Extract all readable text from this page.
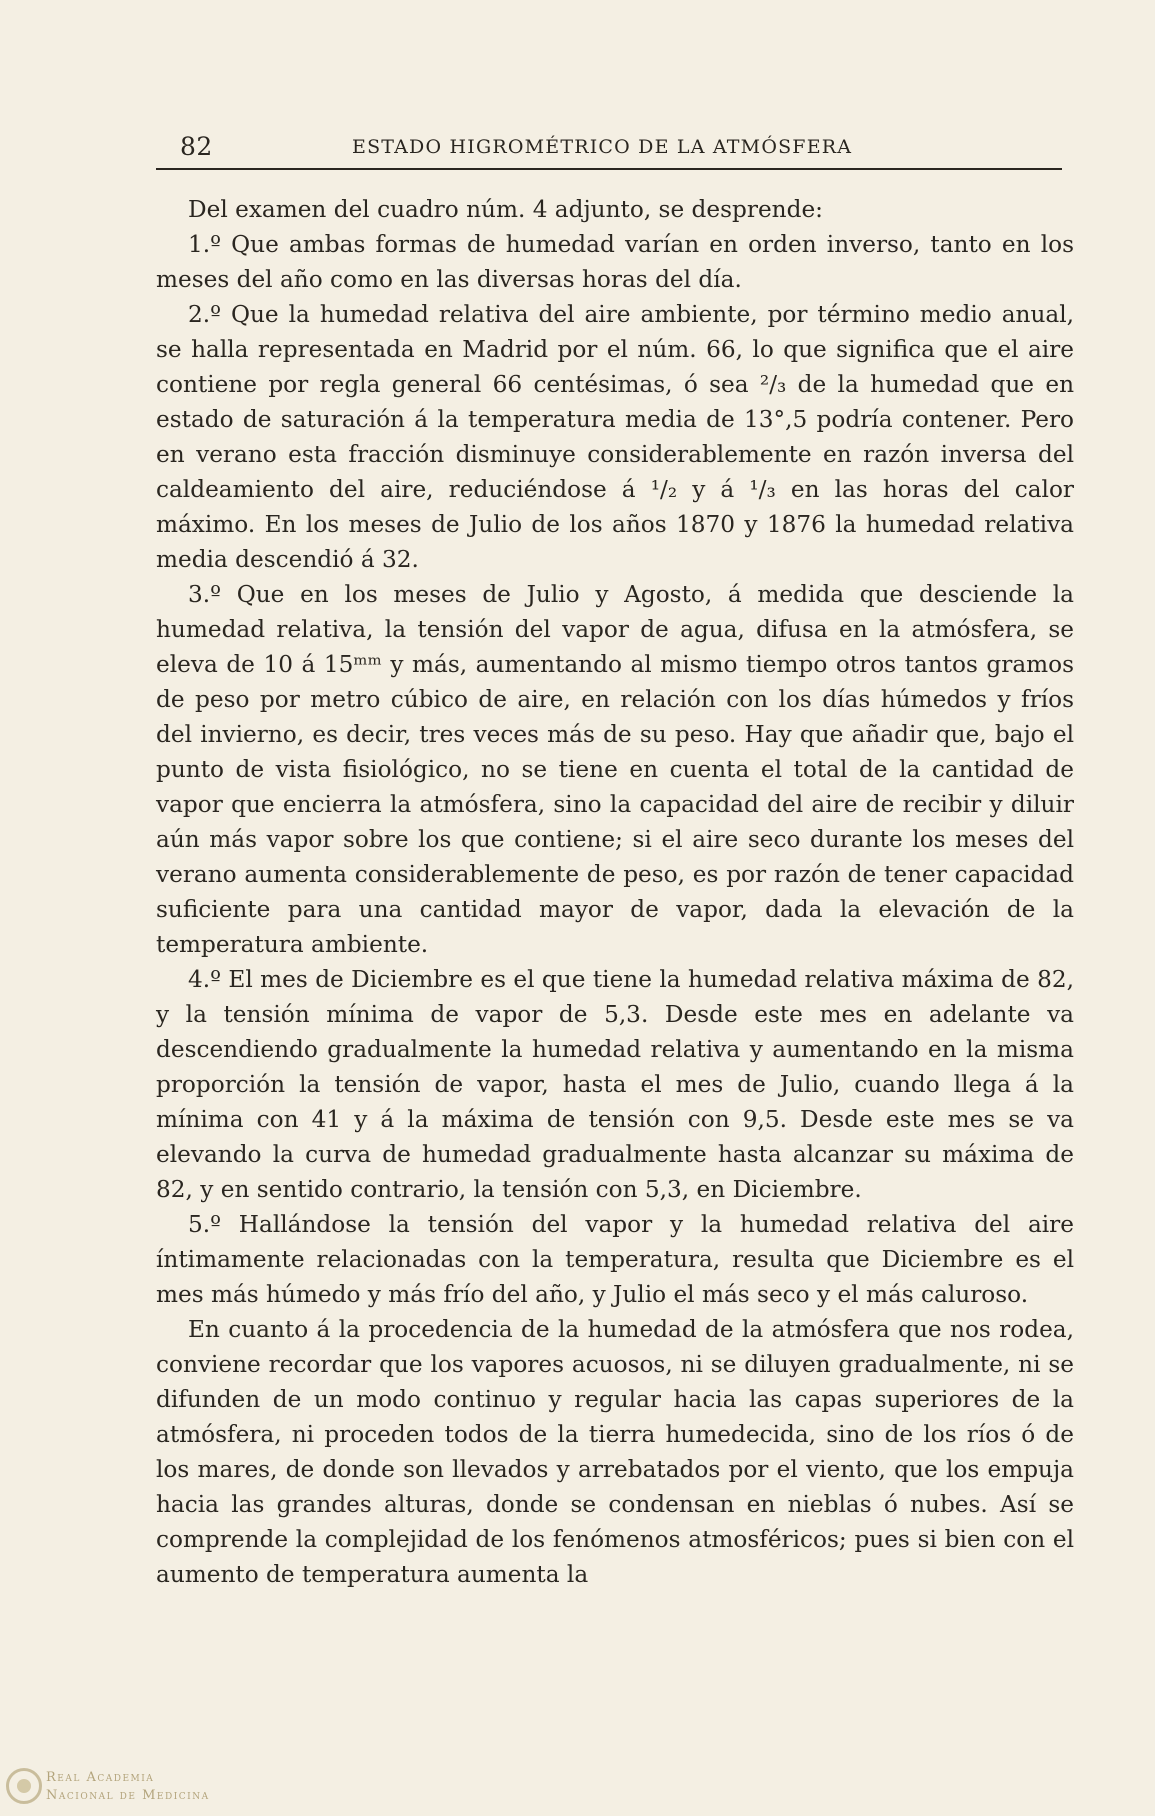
82	ESTADO HIGROMÉTRICO DE LA ATMÓSFERA

Del examen del cuadro núm. 4 adjunto, se desprende:

1.º Que ambas formas de humedad varían en orden inverso, tanto en los meses del año como en las diversas horas del día.

2.º Que la humedad relativa del aire ambiente, por término medio anual, se halla representada en Madrid por el núm. 66, lo que significa que el aire contiene por regla general 66 centésimas, ó sea ²/₃ de la humedad que en estado de saturación á la temperatura media de 13°,5 podría contener. Pero en verano esta fracción disminuye considerablemente en razón inversa del caldeamiento del aire, reduciéndose á ¹/₂ y á ¹/₃ en las horas del calor máximo. En los meses de Julio de los años 1870 y 1876 la humedad relativa media descendió á 32.

3.º Que en los meses de Julio y Agosto, á medida que desciende la humedad relativa, la tensión del vapor de agua, difusa en la atmósfera, se eleva de 10 á 15ᵐᵐ y más, aumentando al mismo tiempo otros tantos gramos de peso por metro cúbico de aire, en relación con los días húmedos y fríos del invierno, es decir, tres veces más de su peso. Hay que añadir que, bajo el punto de vista fisiológico, no se tiene en cuenta el total de la cantidad de vapor que encierra la atmósfera, sino la capacidad del aire de recibir y diluir aún más vapor sobre los que contiene; si el aire seco durante los meses del verano aumenta considerablemente de peso, es por razón de tener capacidad suficiente para una cantidad mayor de vapor, dada la elevación de la temperatura ambiente.

4.º El mes de Diciembre es el que tiene la humedad relativa máxima de 82, y la tensión mínima de vapor de 5,3. Desde este mes en adelante va descendiendo gradualmente la humedad relativa y aumentando en la misma proporción la tensión de vapor, hasta el mes de Julio, cuando llega á la mínima con 41 y á la máxima de tensión con 9,5. Desde este mes se va elevando la curva de humedad gradualmente hasta alcanzar su máxima de 82, y en sentido contrario, la tensión con 5,3, en Diciembre.

5.º Hallándose la tensión del vapor y la humedad relativa del aire íntimamente relacionadas con la temperatura, resulta que Diciembre es el mes más húmedo y más frío del año, y Julio el más seco y el más caluroso.

En cuanto á la procedencia de la humedad de la atmósfera que nos rodea, conviene recordar que los vapores acuosos, ni se diluyen gradualmente, ni se difunden de un modo continuo y regular hacia las capas superiores de la atmósfera, ni proceden todos de la tierra humedecida, sino de los ríos ó de los mares, de donde son llevados y arrebatados por el viento, que los empuja hacia las grandes alturas, donde se condensan en nieblas ó nubes. Así se comprende la complejidad de los fenómenos atmosféricos; pues si bien con el aumento de temperatura aumenta la

Real Academia
Nacional de Medicina
